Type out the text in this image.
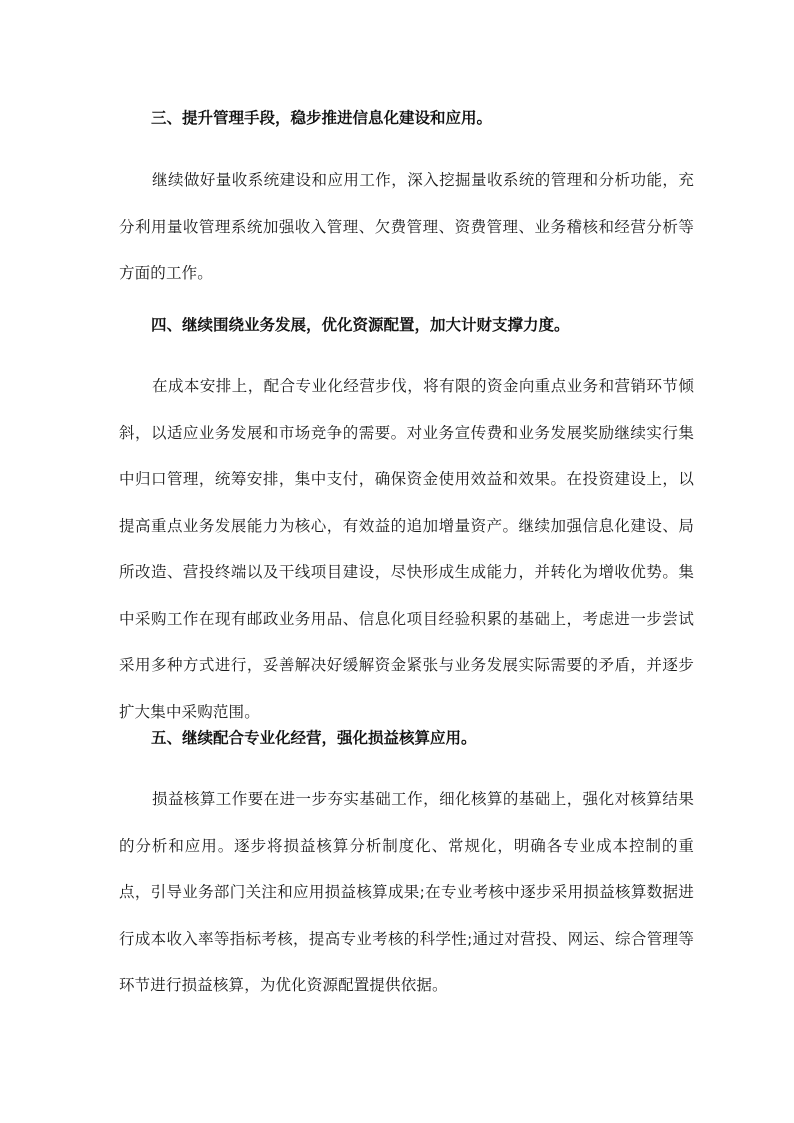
三、提升管理手段，稳步推进信息化建设和应用。
继续做好量收系统建设和应用工作，深入挖掘量收系统的管理和分析功能，充分利用量收管理系统加强收入管理、欠费管理、资费管理、业务稽核和经营分析等方面的工作。
四、继续围绕业务发展，优化资源配置，加大计财支撑力度。
在成本安排上，配合专业化经营步伐，将有限的资金向重点业务和营销环节倾斜，以适应业务发展和市场竞争的需要。对业务宣传费和业务发展奖励继续实行集中归口管理，统筹安排，集中支付，确保资金使用效益和效果。在投资建设上，以提高重点业务发展能力为核心，有效益的追加增量资产。继续加强信息化建设、局所改造、营投终端以及干线项目建设，尽快形成生成能力，并转化为增收优势。集中采购工作在现有邮政业务用品、信息化项目经验积累的基础上，考虑进一步尝试采用多种方式进行，妥善解决好缓解资金紧张与业务发展实际需要的矛盾，并逐步扩大集中采购范围。
五、继续配合专业化经营，强化损益核算应用。
损益核算工作要在进一步夯实基础工作，细化核算的基础上，强化对核算结果的分析和应用。逐步将损益核算分析制度化、常规化，明确各专业成本控制的重点，引导业务部门关注和应用损益核算成果;在专业考核中逐步采用损益核算数据进行成本收入率等指标考核，提高专业考核的科学性;通过对营投、网运、综合管理等环节进行损益核算，为优化资源配置提供依据。
